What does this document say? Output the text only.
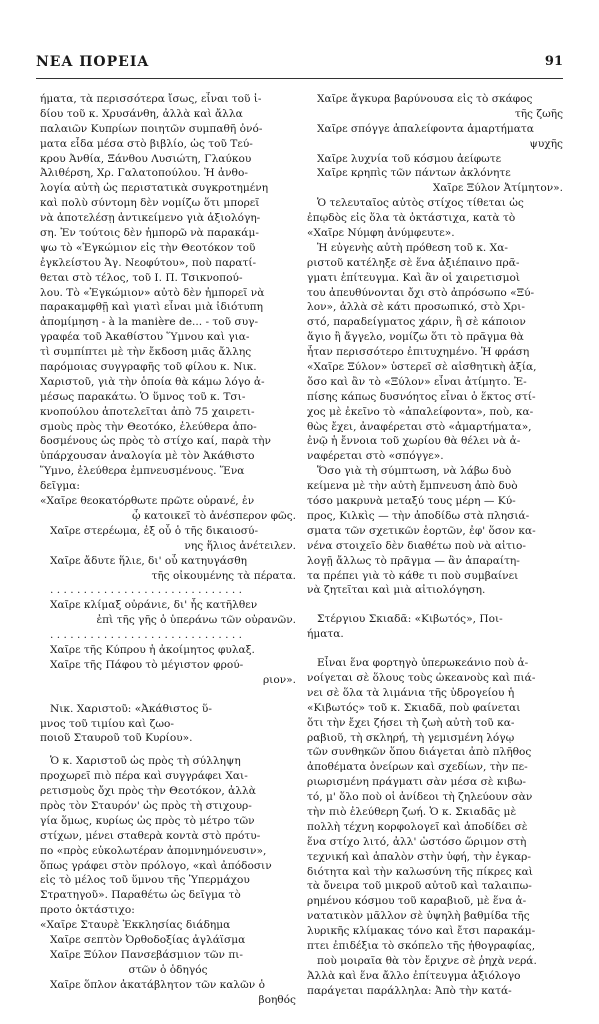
ΝΕΑ ΠΟΡΕΙΑ	91
ήματα, τὰ περισσότερα ἴσως, εἶναι τοῦ ἰ-
δίου τοῦ κ. Χρυσάνθη, ἀλλὰ καὶ ἄλλα
παλαιῶν Κυπρίων ποιητῶν συμπαθῆ ὀνό-
ματα εἶδα μέσα στὸ βιβλίο, ὡς τοῦ Τεύ-
κρου Ἀνθία, Ξάνθου Λυσιώτη, Γλαύκου
Ἀλιθέρση, Χρ. Γαλατοπούλου. Ἡ ἀνθο-
λογία αὐτὴ ὡς περιστατικὰ συγκροτημένη
καὶ πολὺ σύντομη δὲν νομίζω ὅτι μπορεῖ
νὰ ἀποτελέσῃ ἀντικείμενο γιὰ ἀξιολόγη-
ση. Ἐν τούτοις δὲν ἠμπορῶ νὰ παρακάμ-
ψω τὸ «Ἐγκώμιον εἰς τὴν Θεοτόκον τοῦ
ἐγκλείστου Ἁγ. Νεοφύτου», ποὺ παρατί-
θεται στὸ τέλος, τοῦ Ι. Π. Τσικνοπού-
λου. Τὸ «Ἐγκώμιον» αὐτὸ δὲν ἠμπορεῖ νὰ
παρακαμφθῇ καὶ γιατὶ εἶναι μιὰ ἰδιότυπη
ἀπομίμηση - à la manière de... - τοῦ συγ-
γραφέα τοῦ Ἀκαθίστου Ὕμνου καὶ για-
τὶ συμπίπτει μὲ τὴν ἔκδοση μιᾶς ἄλλης
παρόμοιας συγγραφῆς τοῦ φίλου κ. Νικ.
Χαριστοῦ, γιὰ τὴν ὁποία θὰ κάμω λόγο ἀ-
μέσως παρακάτω. Ὁ ὕμνος τοῦ κ. Τσι-
κνοπούλου ἀποτελεῖται ἀπὸ 75 χαιρετι-
σμοὺς πρὸς τὴν Θεοτόκο, ἐλεύθερα ἀπο-
δοσμένους ὡς πρὸς τὸ στίχο καί, παρὰ τὴν
ὑπάρχουσαν ἀναλογία μὲ τὸν Ἀκάθιστο
Ὕμνο, ἐλεύθερα ἐμπνευσμένους. Ἕνα
δεῖγμα:
«Χαῖρε θεοκατόρθωτε πρῶτε οὐρανέ, ἐν
ᾧ κατοικεῖ τὸ ἀνέσπερον φῶς.
Χαῖρε στερέωμα, ἐξ οὗ ὁ τῆς δικαιοσύ-
νης ἥλιος ἀνέτειλεν.
Χαῖρε ἄδυτε ἥλιε, δι' οὗ κατηυγάσθη
τῆς οἰκουμένης τὰ πέρατα.
. . . . . . . . . . . . . . . . . . . . . . . . . . . . .
Χαῖρε κλίμαξ οὐράνιε, δι' ἧς κατῆλθεν
ἐπὶ τῆς γῆς ὁ ὑπεράνω τῶν οὐρανῶν.
. . . . . . . . . . . . . . . . . . . . . . . . . . . . .
Χαῖρε τῆς Κύπρου ἡ ἀκοίμητος φυλαξ.
Χαῖρε τῆς Πάφου τὸ μέγιστον φρού-
ριον».
Νικ. Χαριστοῦ: «Ἀκάθιστος ὕ-
μνος τοῦ τιμίου καὶ ζωο-
ποιοῦ Σταυροῦ τοῦ Κυρίου».
Ὁ κ. Χαριστοῦ ὡς πρὸς τὴ σύλληψη
προχωρεῖ πιὸ πέρα καὶ συγγράφει Χαι-
ρετισμοὺς ὄχι πρὸς τὴν Θεοτόκον, ἀλλὰ
πρὸς τὸν Σταυρόν' ὡς πρὸς τὴ στιχουρ-
γία ὅμως, κυρίως ὡς πρὸς τὸ μέτρο τῶν
στίχων, μένει σταθερὰ κοντὰ στὸ πρότυ-
πο «πρὸς εὐκολωτέραν ἀπομνημόνευσιν»,
ὅπως γράφει στὸν πρόλογο, «καὶ ἀπόδοσιν
εἰς τὸ μέλος τοῦ ὕμνου τῆς Ὑπερμάχου
Στρατηγοῦ». Παραθέτω ὡς δεῖγμα τὸ
προτο ὀκτάστιχο:
«Χαῖρε Σταυρὲ Ἐκκλησίας διάδημα
Χαῖρε σεπτὸν Ὀρθοδοξίας ἀγλάϊσμα
Χαῖρε Ξύλον Πανσεβάσμιον τῶν πι-
στῶν ὁ ὁδηγός
Χαῖρε ὅπλον ἀκατάβλητον τῶν καλῶν ὁ
βοηθός
Χαῖρε ἄγκυρα βαρύνουσα εἰς τὸ σκάφος
τῆς ζωῆς
Χαῖρε σπόγγε ἀπαλείφοντα ἁμαρτήματα
ψυχῆς
Χαῖρε λυχνία τοῦ κόσμου ἀείφωτε
Χαῖρε κρηπὶς τῶν πάντων ἀκλόνητε
Χαῖρε Ξύλον Ἀτίμητον».
Ὁ τελευταῖος αὐτὸς στίχος τίθεται ὡς
ἐπῳδὸς εἰς ὅλα τὰ ὀκτάστιχα, κατὰ τὸ
«Χαῖρε Νύμφη ἀνύμφευτε».
Ἡ εὐγενὴς αὐτὴ πρόθεση τοῦ κ. Χα-
ριστοῦ κατέληξε σὲ ἕνα ἀξιέπαινο πρᾶ-
γματι ἐπίτευγμα. Καὶ ἂν οἱ χαιρετισμοὶ
του ἀπευθύνονται ὄχι στὸ ἀπρόσωπο «Ξύ-
λον», ἀλλὰ σὲ κάτι προσωπικό, στὸ Χρι-
στό, παραδείγματος χάριν, ἢ σὲ κάποιον
ἅγιο ἢ ἄγγελο, νομίζω ὅτι τὸ πρᾶγμα θὰ
ἦταν περισσότερο ἐπιτυχημένο. Ἡ φράση
«Χαῖρε Ξύλον» ὑστερεῖ σὲ αἰσθητικὴ ἀξία,
ὅσο καὶ ἂν τὸ «Ξύλον» εἶναι ἀτίμητο. Ἐ-
πίσης κάπως δυσνόητος εἶναι ὁ ἕκτος στί-
χος μὲ ἐκεῖνο τὸ «ἀπαλείφοντα», ποὺ, κα-
θὼς ἔχει, ἀναφέρεται στὸ «ἁμαρτήματα»,
ἐνῷ ἡ ἔννοια τοῦ χωρίου θὰ θέλει νὰ ἀ-
ναφέρεται στὸ «σπόγγε».
Ὅσο γιὰ τὴ σύμπτωση, νὰ λάβω δυὸ
κείμενα μὲ τὴν αὐτὴ ἔμπνευση ἀπὸ δυὸ
τόσο μακρυνὰ μεταξύ τους μέρη — Κύ-
προς, Κιλκὶς — τὴν ἀποδίδω στὰ πλησιά-
σματα τῶν σχετικῶν ἑορτῶν, ἐφ' ὅσον κα-
νένα στοιχεῖο δὲν διαθέτω ποὺ νὰ αἰτιο-
λογῇ ἄλλως τὸ πρᾶγμα — ἂν ἀπαραίτη-
τα πρέπει γιὰ τὸ κάθε τι ποὺ συμβαίνει
νὰ ζητεῖται καὶ μιὰ αἰτιολόγηση.
Στέργιου Σκιαδᾶ: «Κιβωτός», Ποι-
ήματα.
Εἶναι ἕνα φορτηγὸ ὑπερωκεάνιο ποὺ ἀ-
νοίγεται σὲ ὅλους τοὺς ὠκεανοὺς καὶ πιά-
νει σὲ ὅλα τὰ λιμάνια τῆς ὑδρογείου ἡ
«Κιβωτός» τοῦ κ. Σκιαδᾶ, ποὺ φαίνεται
ὅτι τὴν ἔχει ζήσει τὴ ζωὴ αὐτὴ τοῦ κα-
ραβιοῦ, τὴ σκληρή, τὴ γεμισμένη λόγῳ
τῶν συνθηκῶν ὅπου διάγεται ἀπὸ πλῆθος
ἀποθέματα ὀνείρων καὶ σχεδίων, τὴν πε-
ριωρισμένη πράγματι σὰν μέσα σὲ κιβω-
τό, μ' ὅλο ποὺ οἱ ἀνίδεοι τὴ ζηλεύουν σὰν
τὴν πιὸ ἐλεύθερη ζωή. Ὁ κ. Σκιαδᾶς μὲ
πολλὴ τέχνη κορφολογεῖ καὶ ἀποδίδει σὲ
ἕνα στίχο λιτό, ἀλλ' ὡστόσο ὥριμον στὴ
τεχνική καὶ ἁπαλὸν στὴν ὑφή, τὴν ἐγκαρ-
διότητα καὶ τὴν καλωσύνη τῆς πίκρες καὶ
τὰ ὄνειρα τοῦ μικροῦ αὐτοῦ καὶ ταλαιπω-
ρημένου κόσμου τοῦ καραβιοῦ, μὲ ἕνα ἀ-
νατατικὸν μᾶλλον σὲ ὑψηλὴ βαθμίδα τῆς
λυρικῆς κλίμακας τόνο καὶ ἔτσι παρακάμ-
πτει ἐπιδέξια τὸ σκόπελο τῆς ἠθογραφίας,
ποὺ μοιραῖα θὰ τὸν ἔριχνε σὲ ῥηχὰ νερά.
Ἀλλὰ καὶ ἕνα ἄλλο ἐπίτευγμα ἀξιόλογο
παράγεται παράλληλα: Ἀπὸ τὴν κατά-
